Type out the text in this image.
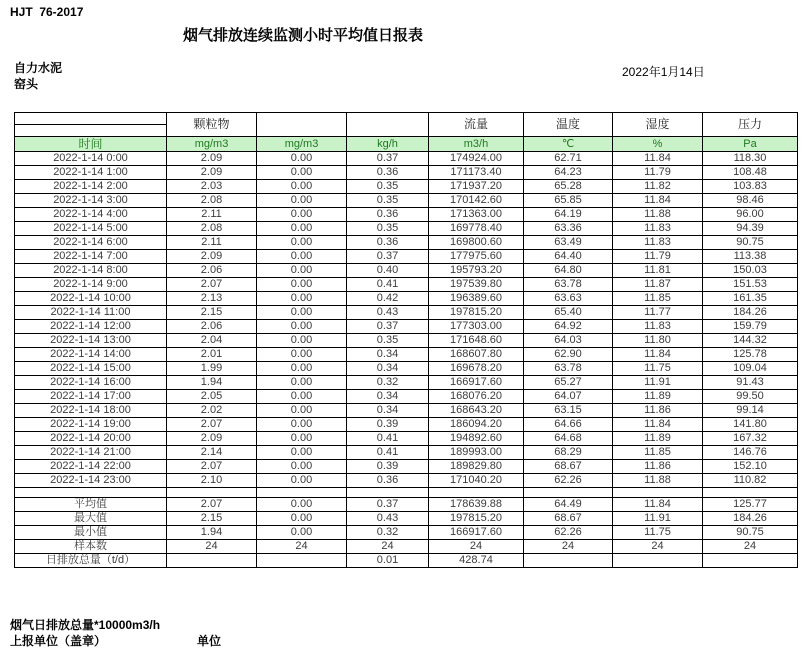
HJT  76-2017
烟气排放连续监测小时平均值日报表
自力水泥
窑头
2022年1月14日
	颗粒物			流量	温度	湿度	压力

时间	mg/m3	mg/m3	kg/h	m3/h	℃	%	Pa
2022-1-14 0:00	2.09	0.00	0.37	174924.00	62.71	11.84	118.30
2022-1-14 1:00	2.09	0.00	0.36	171173.40	64.23	11.79	108.48
2022-1-14 2:00	2.03	0.00	0.35	171937.20	65.28	11.82	103.83
2022-1-14 3:00	2.08	0.00	0.35	170142.60	65.85	11.84	98.46
2022-1-14 4:00	2.11	0.00	0.36	171363.00	64.19	11.88	96.00
2022-1-14 5:00	2.08	0.00	0.35	169778.40	63.36	11.83	94.39
2022-1-14 6:00	2.11	0.00	0.36	169800.60	63.49	11.83	90.75
2022-1-14 7:00	2.09	0.00	0.37	177975.60	64.40	11.79	113.38
2022-1-14 8:00	2.06	0.00	0.40	195793.20	64.80	11.81	150.03
2022-1-14 9:00	2.07	0.00	0.41	197539.80	63.78	11.87	151.53
2022-1-14 10:00	2.13	0.00	0.42	196389.60	63.63	11.85	161.35
2022-1-14 11:00	2.15	0.00	0.43	197815.20	65.40	11.77	184.26
2022-1-14 12:00	2.06	0.00	0.37	177303.00	64.92	11.83	159.79
2022-1-14 13:00	2.04	0.00	0.35	171648.60	64.03	11.80	144.32
2022-1-14 14:00	2.01	0.00	0.34	168607.80	62.90	11.84	125.78
2022-1-14 15:00	1.99	0.00	0.34	169678.20	63.78	11.75	109.04
2022-1-14 16:00	1.94	0.00	0.32	166917.60	65.27	11.91	91.43
2022-1-14 17:00	2.05	0.00	0.34	168076.20	64.07	11.89	99.50
2022-1-14 18:00	2.02	0.00	0.34	168643.20	63.15	11.86	99.14
2022-1-14 19:00	2.07	0.00	0.39	186094.20	64.66	11.84	141.80
2022-1-14 20:00	2.09	0.00	0.41	194892.60	64.68	11.89	167.32
2022-1-14 21:00	2.14	0.00	0.41	189993.00	68.29	11.85	146.76
2022-1-14 22:00	2.07	0.00	0.39	189829.80	68.67	11.86	152.10
2022-1-14 23:00	2.10	0.00	0.36	171040.20	62.26	11.88	110.82

平均值	2.07	0.00	0.37	178639.88	64.49	11.84	125.77
最大值	2.15	0.00	0.43	197815.20	68.67	11.91	184.26
最小值	1.94	0.00	0.32	166917.60	62.26	11.75	90.75
样本数	24	24	24	24	24	24	24
日排放总量（t/d）			0.01	428.74			
烟气日排放总量*10000m3/h
上报单位（盖章）	单位
